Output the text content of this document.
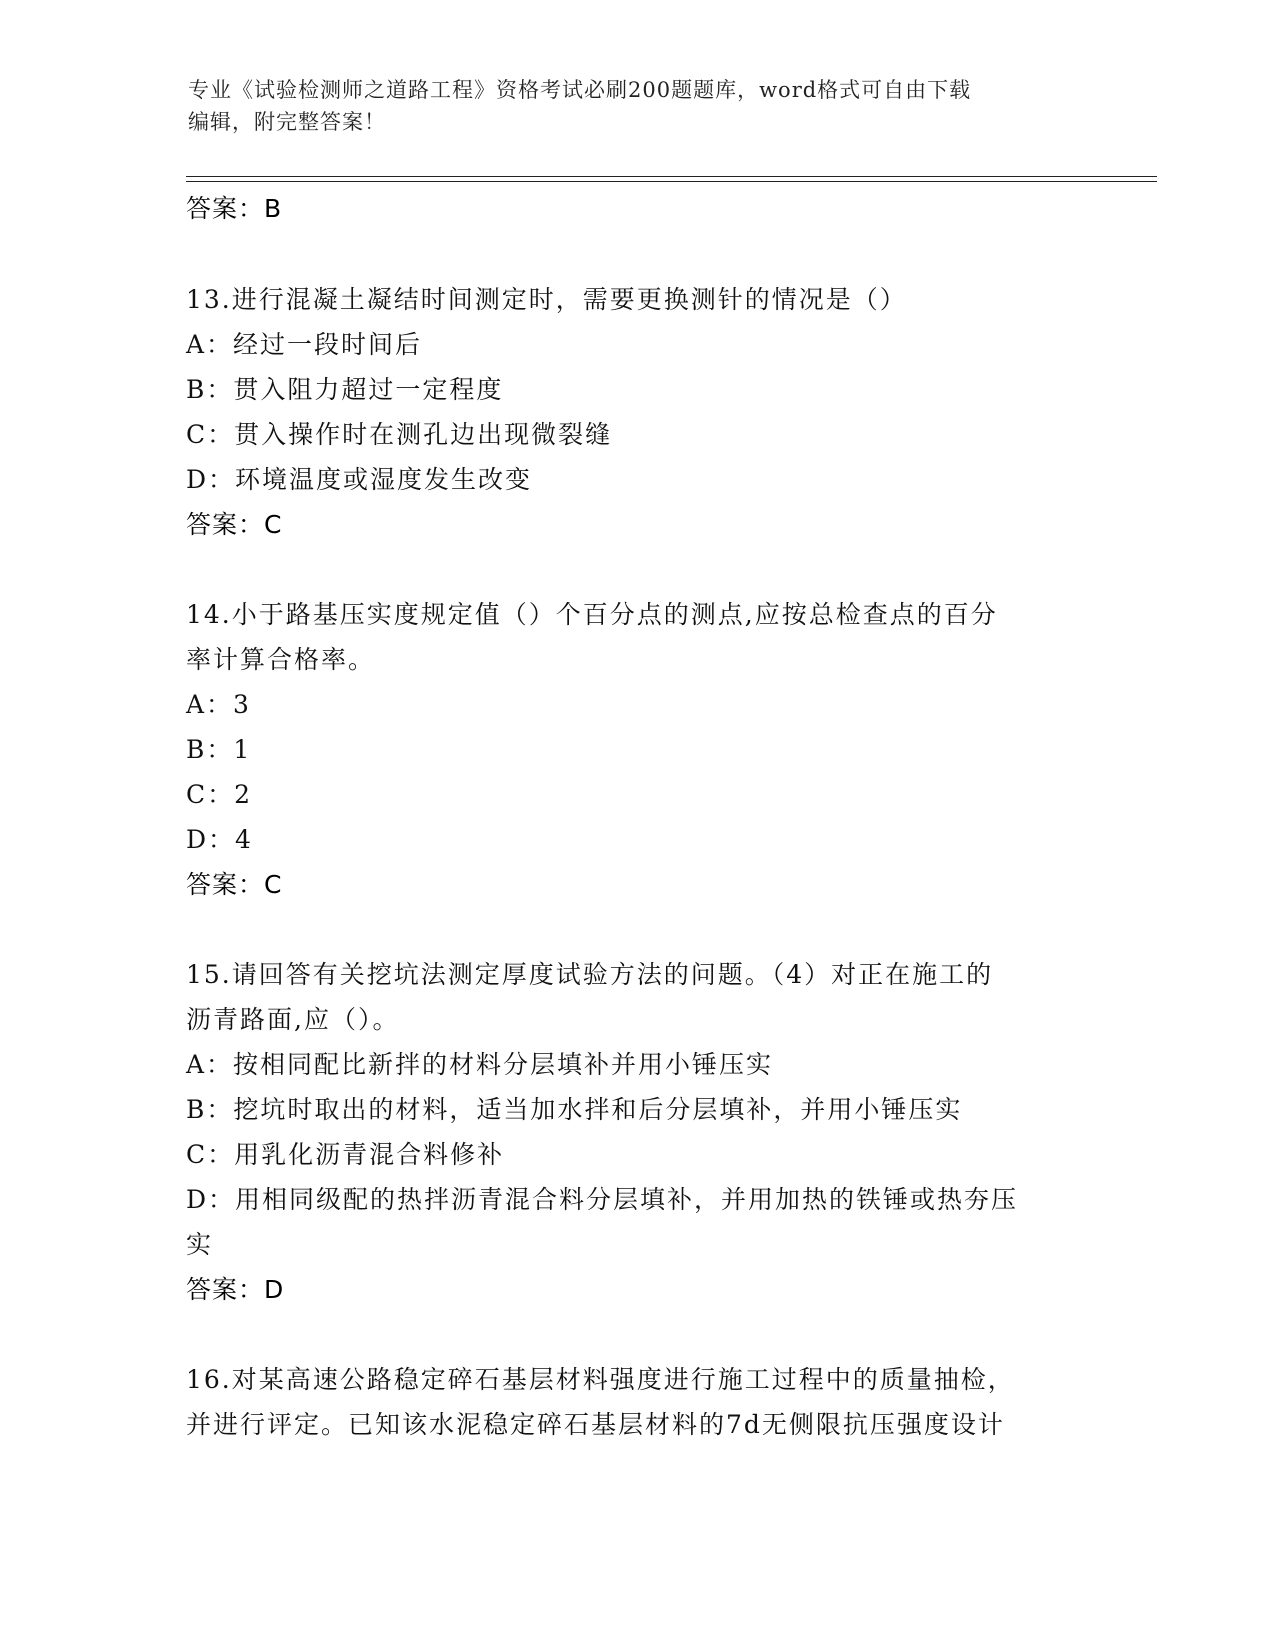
专业《试验检测师之道路工程》资格考试必刷200题题库，word格式可自由下载
编辑，附完整答案！
答案：B
13.进行混凝土凝结时间测定时，需要更换测针的情况是（）
A：经过一段时间后
B：贯入阻力超过一定程度
C：贯入操作时在测孔边出现微裂缝
D：环境温度或湿度发生改变
答案：C
14.小于路基压实度规定值（）个百分点的测点,应按总检查点的百分
率计算合格率。
A：3
B：1
C：2
D：4
答案：C
15.请回答有关挖坑法测定厚度试验方法的问题。（4）对正在施工的
沥青路面,应（）。
A：按相同配比新拌的材料分层填补并用小锤压实
B：挖坑时取出的材料，适当加水拌和后分层填补，并用小锤压实
C：用乳化沥青混合料修补
D：用相同级配的热拌沥青混合料分层填补，并用加热的铁锤或热夯压
实
答案：D
16.对某高速公路稳定碎石基层材料强度进行施工过程中的质量抽检，
并进行评定。已知该水泥稳定碎石基层材料的7d无侧限抗压强度设计
